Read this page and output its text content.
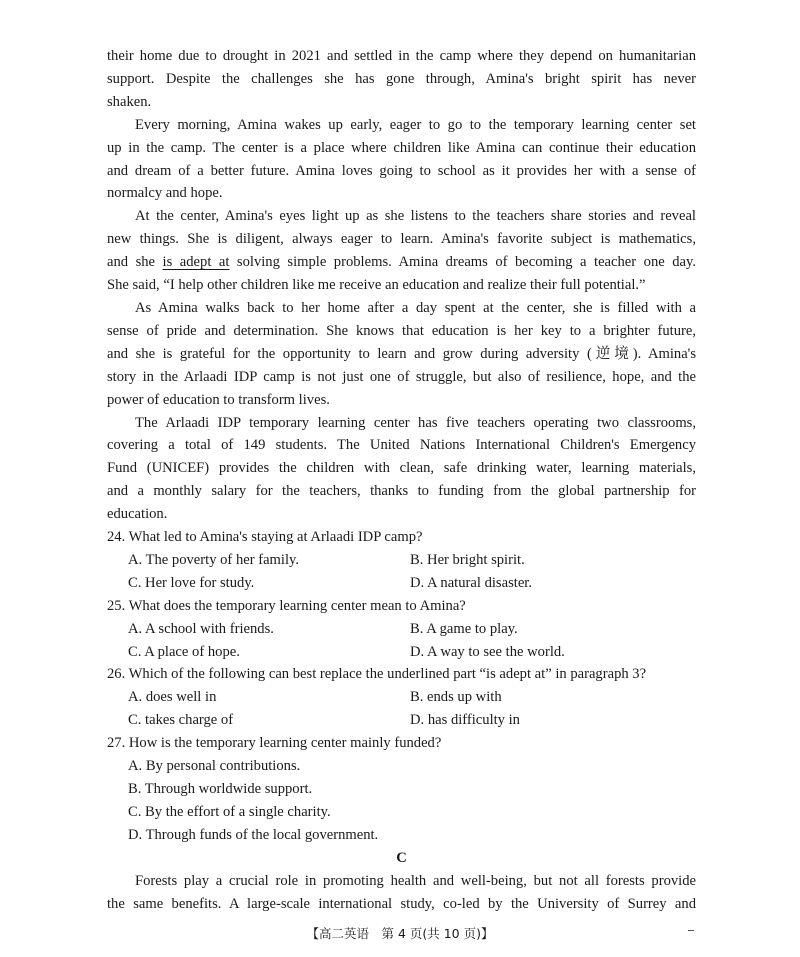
their home due to drought in 2021 and settled in the camp where they depend on humanitarian
support. Despite the challenges she has gone through, Amina's bright spirit has never
shaken.
Every morning, Amina wakes up early, eager to go to the temporary learning center set
up in the camp. The center is a place where children like Amina can continue their education
and dream of a better future. Amina loves going to school as it provides her with a sense of
normalcy and hope.
At the center, Amina's eyes light up as she listens to the teachers share stories and reveal
new things. She is diligent, always eager to learn. Amina's favorite subject is mathematics,
and she is adept at solving simple problems. Amina dreams of becoming a teacher one day.
She said, “I help other children like me receive an education and realize their full potential.”
As Amina walks back to her home after a day spent at the center, she is filled with a
sense of pride and determination. She knows that education is her key to a brighter future,
and she is grateful for the opportunity to learn and grow during adversity (逆境). Amina's
story in the Arlaadi IDP camp is not just one of struggle, but also of resilience, hope, and the
power of education to transform lives.
The Arlaadi IDP temporary learning center has five teachers operating two classrooms,
covering a total of 149 students. The United Nations International Children's Emergency
Fund (UNICEF) provides the children with clean, safe drinking water, learning materials,
and a monthly salary for the teachers, thanks to funding from the global partnership for
education.
24. What led to Amina's staying at Arlaadi IDP camp?
A. The poverty of her family.	B. Her bright spirit.
C. Her love for study.	D. A natural disaster.
25. What does the temporary learning center mean to Amina?
A. A school with friends.	B. A game to play.
C. A place of hope.	D. A way to see the world.
26. Which of the following can best replace the underlined part “is adept at” in paragraph 3?
A. does well in	B. ends up with
C. takes charge of	D. has difficulty in
27. How is the temporary learning center mainly funded?
A. By personal contributions.
B. Through worldwide support.
C. By the effort of a single charity.
D. Through funds of the local government.
C
Forests play a crucial role in promoting health and well-being, but not all forests provide
the same benefits. A large-scale international study, co-led by the University of Surrey and
【高二英语　第 4 页(共 10 页)】
